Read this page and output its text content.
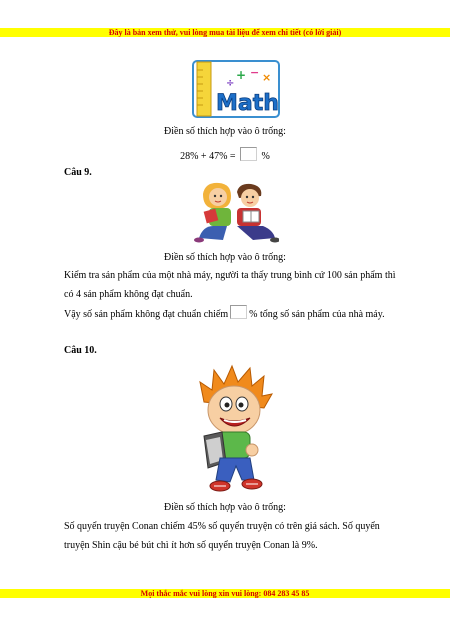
Đây là bản xem thử, vui lòng mua tài liệu để xem chi tiết (có lời giải)
+ − ×
÷
Math
Điền số thích hợp vào ô trống:
28% + 47% =	%
Câu 9.
Điền số thích hợp vào ô trống:
Kiểm tra sản phẩm của một nhà máy, người ta thấy trung bình cứ 100 sản phẩm thì có 4 sản phẩm không đạt chuẩn.
Vậy số sản phẩm không đạt chuẩn chiếm % tổng số sản phẩm của nhà máy.
Câu 10.
Điền số thích hợp vào ô trống:
Số quyển truyện Conan chiếm 45% số quyển truyện có trên giá sách. Số quyển truyện Shin cậu bé bút chì ít hơn số quyển truyện Conan là 9%.
Mọi thắc mắc vui lòng xin vui lòng: 084 283 45 85
